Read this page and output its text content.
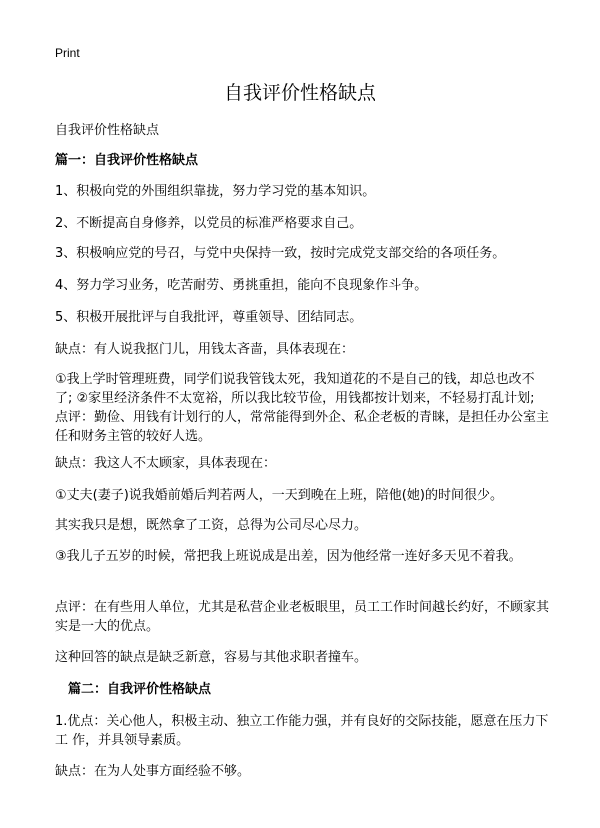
Print
自我评价性格缺点

自我评价性格缺点

篇一：自我评价性格缺点

1、积极向党的外围组织靠拢，努力学习党的基本知识。

2、不断提高自身修养，以党员的标准严格要求自己。

3、积极响应党的号召，与党中央保持一致，按时完成党支部交给的各项任务。

4、努力学习业务，吃苦耐劳、勇挑重担，能向不良现象作斗争。

5、积极开展批评与自我批评，尊重领导、团结同志。

缺点：有人说我抠门儿，用钱太吝啬，具体表现在：

①我上学时管理班费，同学们说我管钱太死，我知道花的不是自己的钱，却总也改不了; ②家里经济条件不太宽裕，所以我比较节俭，用钱都按计划来，不轻易打乱计划; 点评：勤俭、用钱有计划行的人，常常能得到外企、私企老板的青睐，是担任办公室主任和财务主管的较好人选。

缺点：我这人不太顾家，具体表现在：

①丈夫(妻子)说我婚前婚后判若两人，一天到晚在上班，陪他(她)的时间很少。

其实我只是想，既然拿了工资，总得为公司尽心尽力。

③我儿子五岁的时候，常把我上班说成是出差，因为他经常一连好多天见不着我。

点评：在有些用人单位，尤其是私营企业老板眼里，员工工作时间越长约好，不顾家其实是一大的优点。

这种回答的缺点是缺乏新意，容易与其他求职者撞车。

篇二：自我评价性格缺点

1.优点：关心他人，积极主动、独立工作能力强，并有良好的交际技能，愿意在压力下工 作，并具领导素质。

缺点：在为人处事方面经验不够。
